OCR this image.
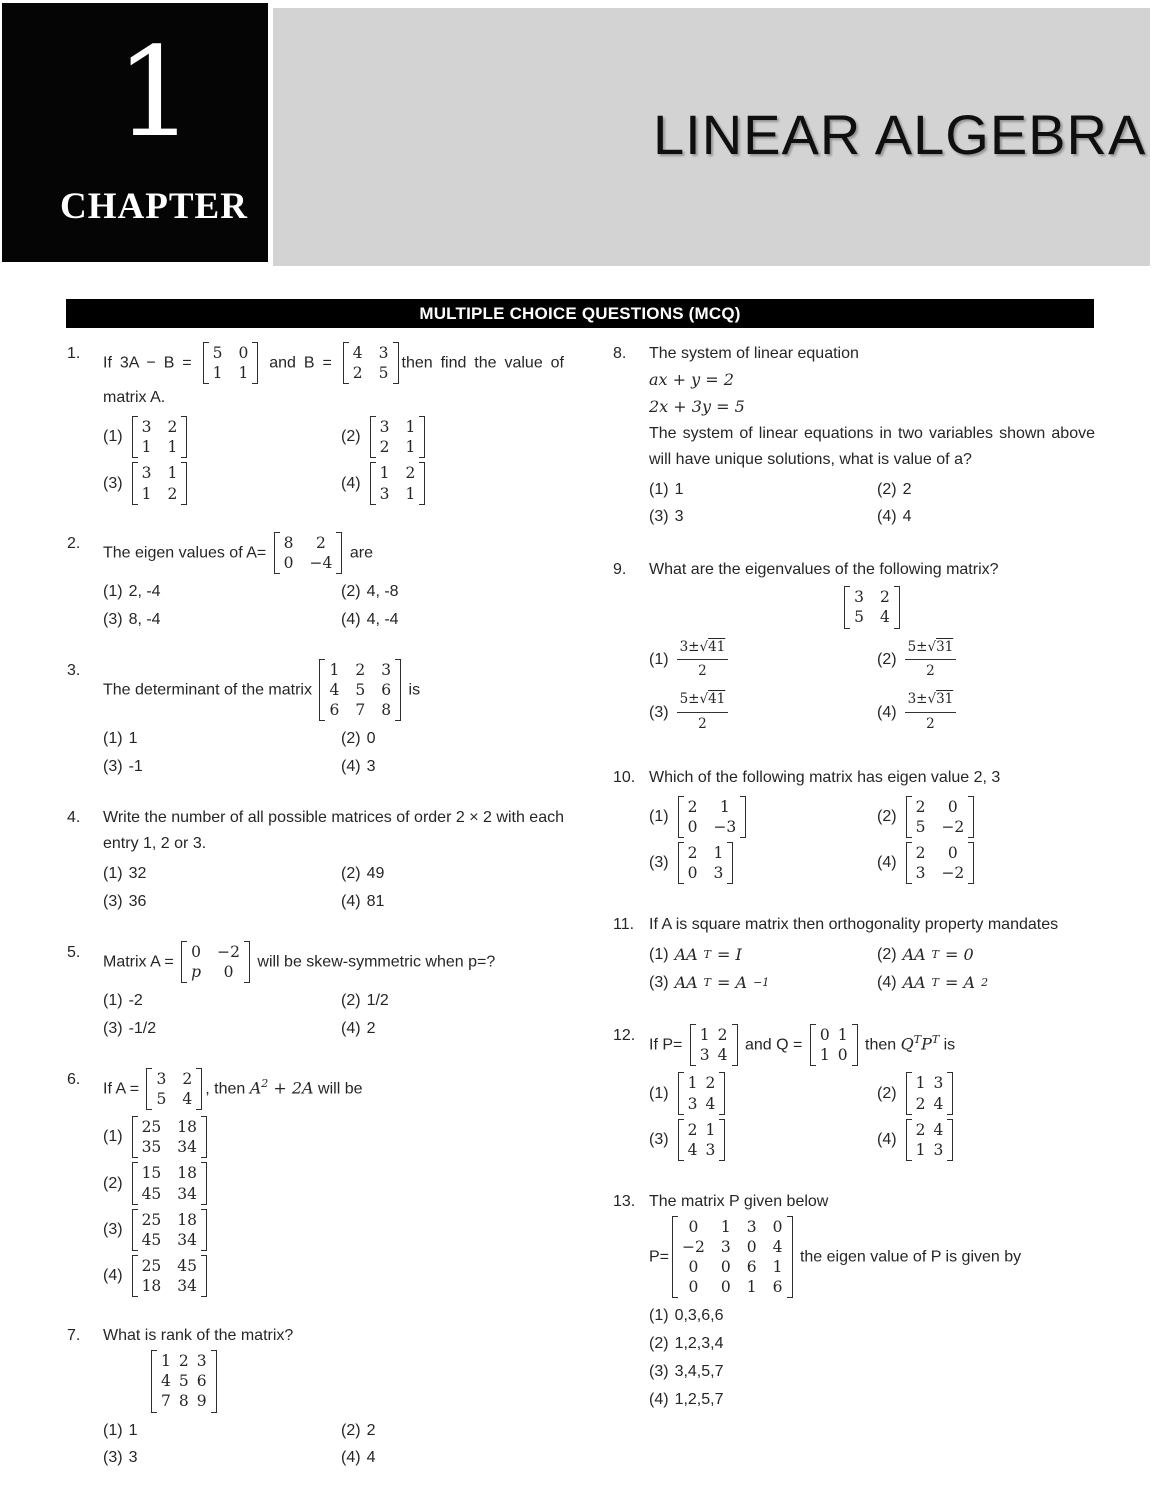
1
CHAPTER
LINEAR ALGEBRA
MULTIPLE CHOICE QUESTIONS (MCQ)
1.
If 3A − B =
5 0
1 1
and B =
4 3
2 5
then find the value of matrix A.
(1)
3 2
1 1
(2)
3 1
2 1
(3)
3 1
1 2
(4)
1 2
3 1
2.
The eigen values of A=
8 2
0 −4
are
(1) 2, -4	(2) 4, -8
(3) 8, -4	(4) 4, -4
3.
The determinant of the matrix
1 2 3
4 5 6
6 7 8
is
(1) 1	(2) 0
(3) -1	(4) 3
4.	Write the number of all possible matrices of order 2 × 2 with each entry 1, 2 or 3.
(1) 32	(2) 49
(3) 36	(4) 81
5.
Matrix A =
0 −2
p 0
will be skew-symmetric when p=?
(1) -2	(2) 1/2
(3) -1/2	(4) 2
6.
If A =
3 2
5 4
, then $A^2 + 2A$ will be
(1)
25 18
35 34
(2)
15 18
45 34
(3)
25 18
45 34
(4)
25 45
18 34
7.	What is rank of the matrix?

1 2 3
4 5 6
7 8 9
(1) 1	(2) 2
(3) 3	(4) 4
8.	The system of linear equation
ax + y = 2
2x + 3y = 5
The system of linear equations in two variables shown above will have unique solutions, what is value of a?
(1) 1	(2) 2
(3) 3	(4) 4
9.	What are the eigenvalues of the following matrix?
3 2
5 4
$(1) \frac{3\pm√41}{2}$	$(2) \frac{5\pm√31}{2}$
$(3) \frac{5\pm√41}{2}$	$(4) \frac{3\pm√31}{2}$
10. Which of the following matrix has eigen value 2, 3
(1)
2 1
0 −3
(2)
2 0
5 −2
(3)
2 1
0 3
(4)
2 0
3 −2
11. If A is square matrix then orthogonality property mandates
(1) AA T = I	(2) AA T = 0
(3) AA T = A −1	(4) AA T = A 2
12.
If P=
1 2
3 4
and Q =
0 1
1 0
then $Q^TP^T$ is
(1)
1 2
3 4
(2)
1 3
2 4
(3)
2 1
4 3
(4)
2 4
1 3
13. The matrix P given below
P=
0 1 3 0
−2 3 0 4
0 0 6 1
0 0 1 6
the eigen value of P is given by
(1) 0,3,6,6
(2) 1,2,3,4
(3) 3,4,5,7
(4) 1,2,5,7
